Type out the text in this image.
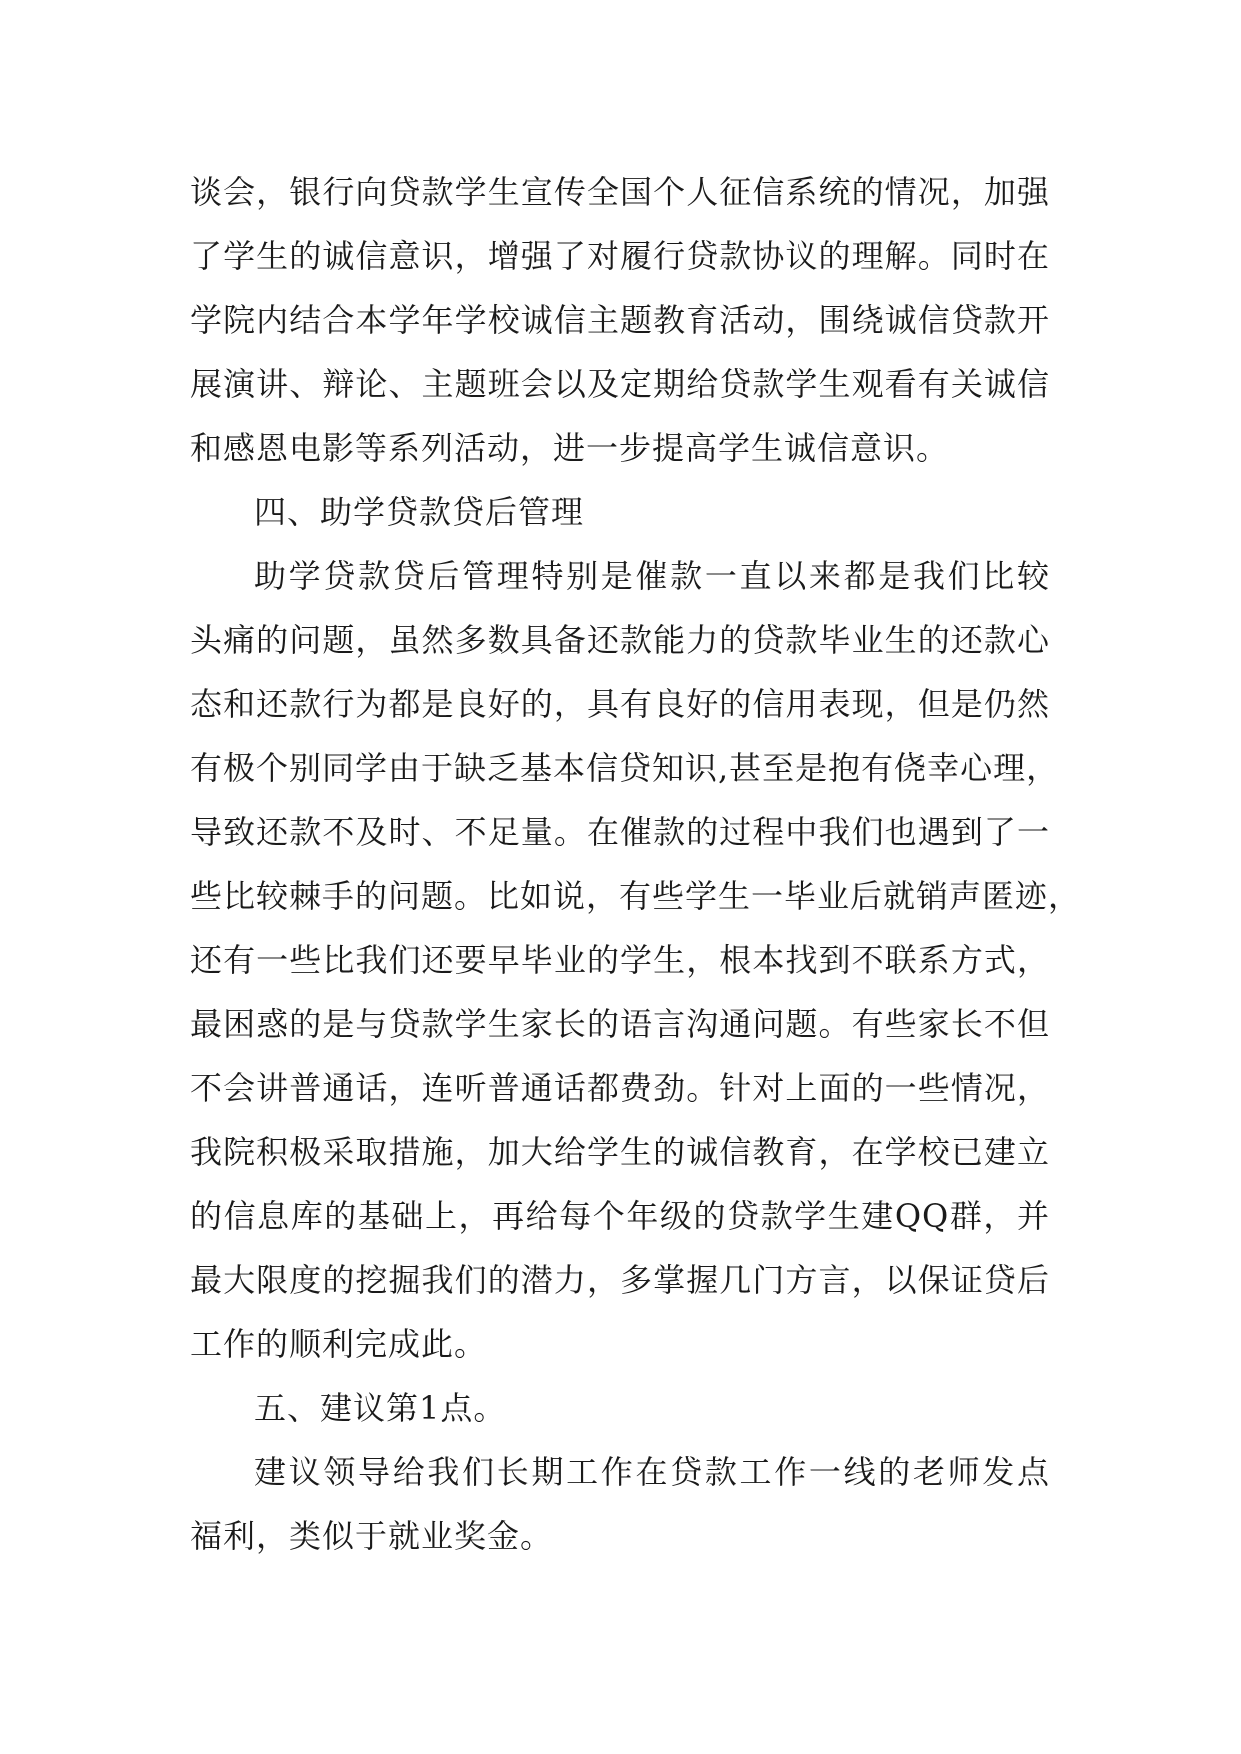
谈会，银行向贷款学生宣传全国个人征信系统的情况，加强
了学生的诚信意识，增强了对履行贷款协议的理解。同时在
学院内结合本学年学校诚信主题教育活动，围绕诚信贷款开
展演讲、辩论、主题班会以及定期给贷款学生观看有关诚信
和感恩电影等系列活动，进一步提高学生诚信意识。
四、助学贷款贷后管理
助学贷款贷后管理特别是催款一直以来都是我们比较
头痛的问题，虽然多数具备还款能力的贷款毕业生的还款心
态和还款行为都是良好的，具有良好的信用表现，但是仍然
有极个别同学由于缺乏基本信贷知识,甚至是抱有侥幸心理，
导致还款不及时、不足量。在催款的过程中我们也遇到了一
些比较棘手的问题。比如说，有些学生一毕业后就销声匿迹，
还有一些比我们还要早毕业的学生，根本找到不联系方式，
最困惑的是与贷款学生家长的语言沟通问题。有些家长不但
不会讲普通话，连听普通话都费劲。针对上面的一些情况，
我院积极采取措施，加大给学生的诚信教育，在学校已建立
的信息库的基础上，再给每个年级的贷款学生建QQ群，并
最大限度的挖掘我们的潜力，多掌握几门方言，以保证贷后
工作的顺利完成此。
五、建议第1点。
建议领导给我们长期工作在贷款工作一线的老师发点
福利，类似于就业奖金。
